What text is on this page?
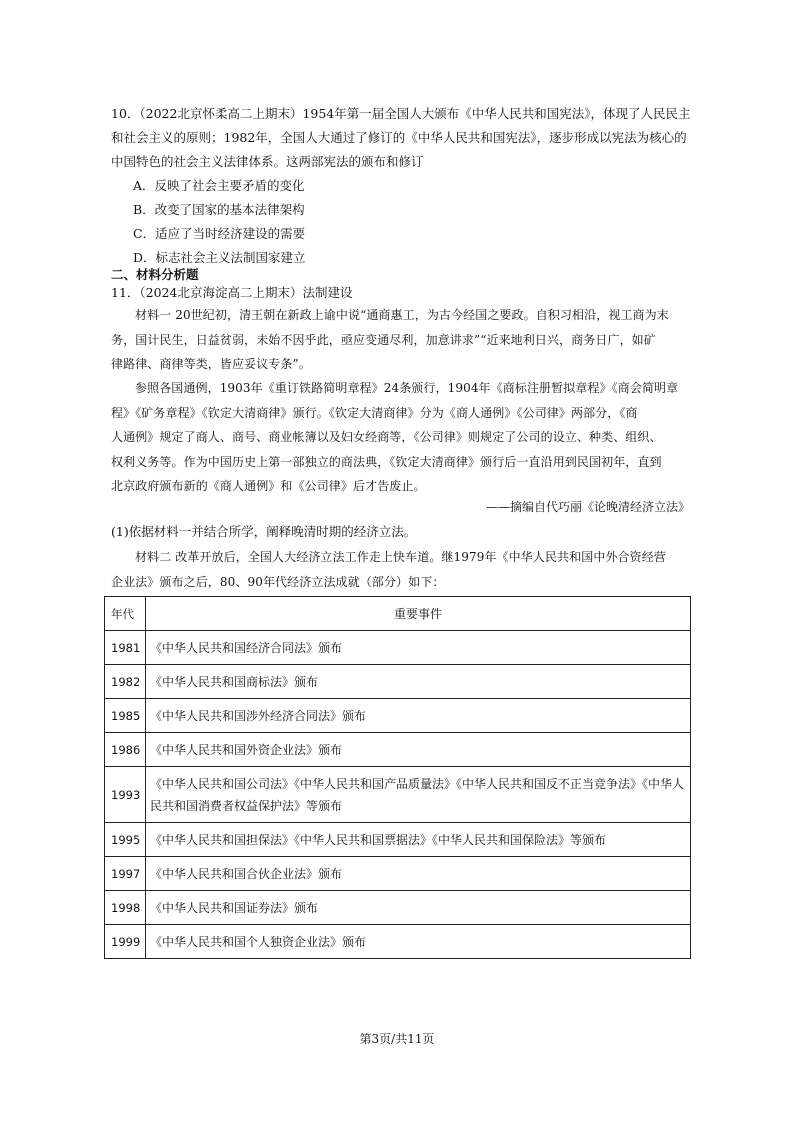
10．（2022北京怀柔高二上期末）1954年第一届全国人大颁布《中华人民共和国宪法》，体现了人民民主

和社会主义的原则；1982年，全国人大通过了修订的《中华人民共和国宪法》，逐步形成以宪法为核心的

中国特色的社会主义法律体系。这两部宪法的颁布和修订

A．反映了社会主要矛盾的变化

B．改变了国家的基本法律架构

C．适应了当时经济建设的需要

D．标志社会主义法制国家建立

二、材料分析题
11．（2024北京海淀高二上期末）法制建设

材料一 20世纪初，清王朝在新政上谕中说“通商惠工，为古今经国之要政。自积习相沿，视工商为末

务，国计民生，日益贫弱，未始不因乎此，亟应变通尽利，加意讲求”“近来地利日兴，商务日广，如矿
律路律、商律等类，皆应妥议专条”。

参照各国通例，1903年《重订铁路简明章程》24条颁行，1904年《商标注册暂拟章程》《商会简明章

程》《矿务章程》《钦定大清商律》颁行。《钦定大清商律》分为《商人通例》《公司律》两部分，《商
人通例》规定了商人、商号、商业帐簿以及妇女经商等，《公司律》则规定了公司的设立、种类、组织、
权利义务等。作为中国历史上第一部独立的商法典，《钦定大清商律》颁行后一直沿用到民国初年，直到
北京政府颁布新的《商人通例》和《公司律》后才告废止。
——摘编自代巧丽《论晚清经济立法》
(1)依据材料一并结合所学，阐释晚清时期的经济立法。

材料二 改革开放后，全国人大经济立法工作走上快车道。继1979年《中华人民共和国中外合资经营

企业法》颁布之后，80、90年代经济立法成就（部分）如下：
年代	重要事件
1981	《中华人民共和国经济合同法》颁布
1982	《中华人民共和国商标法》颁布
1985	《中华人民共和国涉外经济合同法》颁布
1986	《中华人民共和国外资企业法》颁布
1993	《中华人民共和国公司法》《中华人民共和国产品质量法》《中华人民共和国反不正当竞争法》《中华人民共和国消费者权益保护法》等颁布
1995	《中华人民共和国担保法》《中华人民共和国票据法》《中华人民共和国保险法》等颁布
1997	《中华人民共和国合伙企业法》颁布
1998	《中华人民共和国证券法》颁布
1999	《中华人民共和国个人独资企业法》颁布
第3页/共11页
